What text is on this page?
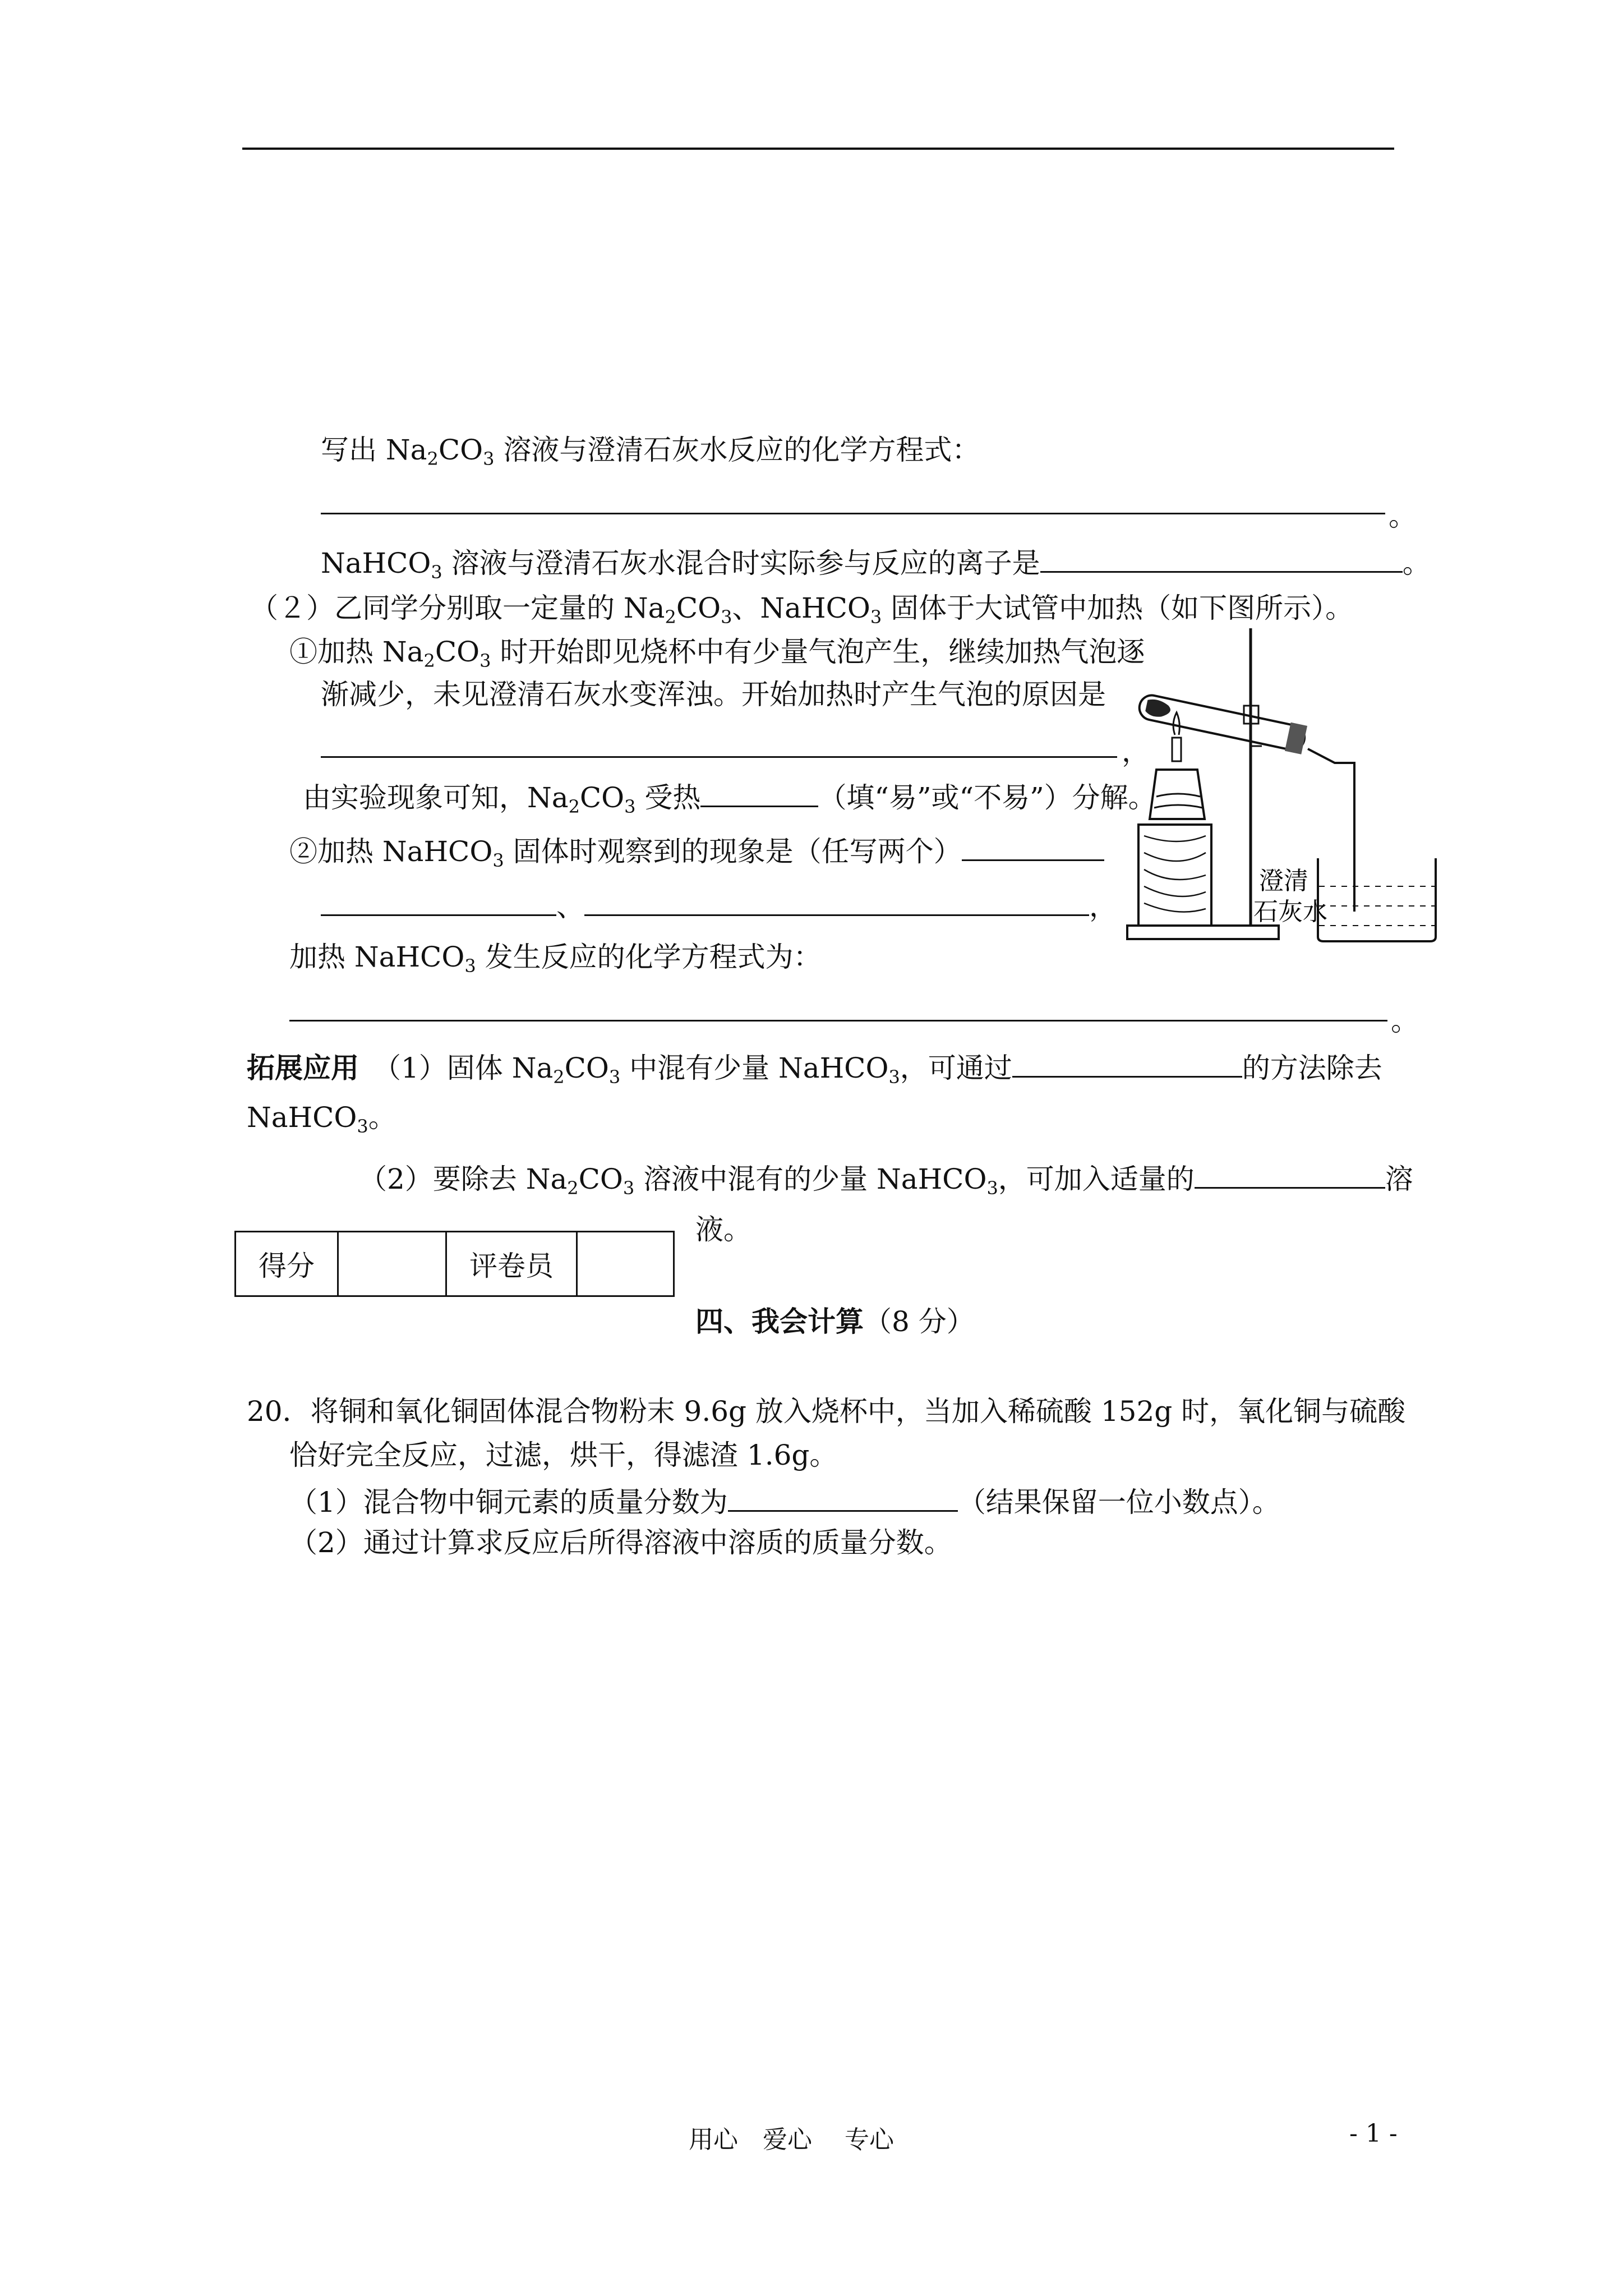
写出 $Na_2CO_3$ 溶液与澄清石灰水反应的化学方程式：
。
NaHCO$_3$ 溶液与澄清石灰水混合时实际参与反应的离子是	。
（２）乙同学分别取一定量的 $Na_2CO_3$、NaHCO$_3$ 固体于大试管中加热（如下图所示）。
①加热 $Na_2CO_3$ 时开始即见烧杯中有少量气泡产生，继续加热气泡逐
渐减少，未见澄清石灰水变浑浊。开始加热时产生气泡的原因是
，
由实验现象可知，$Na_2CO_3$ 受热	（填“易”或“不易”）分解。
②加热 NaHCO$_3$ 固体时观察到的现象是（任写两个）
、	，
加热 NaHCO$_3$ 发生反应的化学方程式为：
。
澄清
石灰水
拓展应用　 （1）固体 $Na_2CO_3$ 中混有少量 NaHCO$_3$，可通过	的方法除去
NaHCO$_3$。
（2）要除去 $Na_2CO_3$ 溶液中混有的少量 NaHCO$_3$，可加入适量的	溶
液。
得分		评卷员	
四、我会计算（8 分）
20．将铜和氧化铜固体混合物粉末 9.6g 放入烧杯中，当加入稀硫酸 152g 时，氧化铜与硫酸
恰好完全反应，过滤，烘干，得滤渣 1.6g。
（1）混合物中铜元素的质量分数为	（结果保留一位小数点）。
（2）通过计算求反应后所得溶液中溶质的质量分数。
用心　爱心　 专心	- 1 -
